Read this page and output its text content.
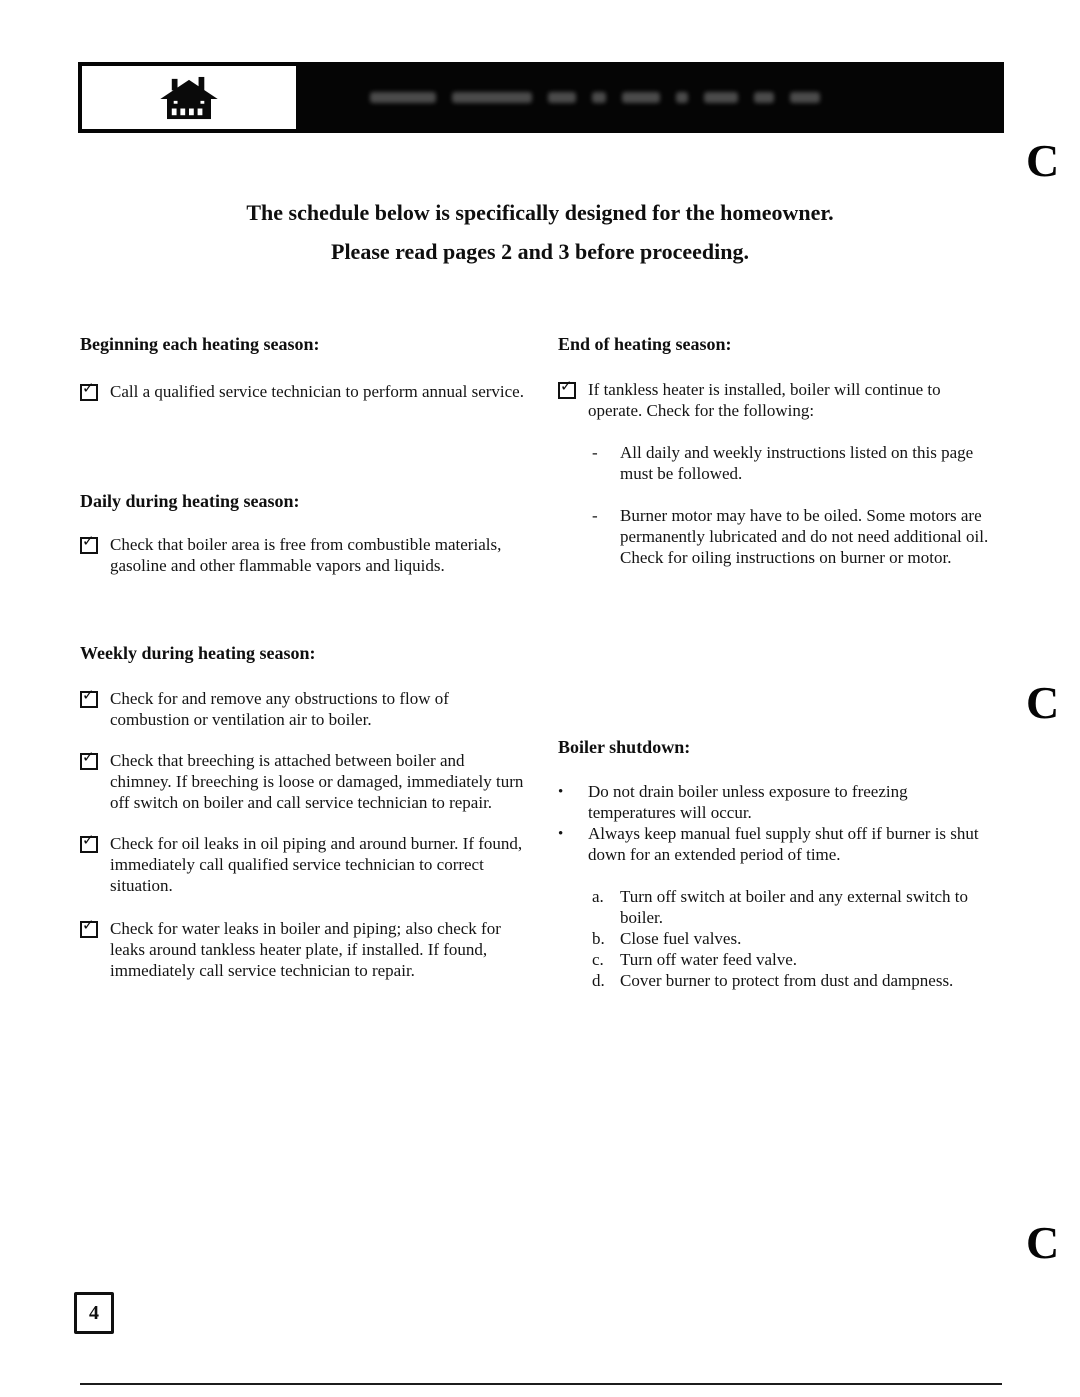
The schedule below is specifically designed for the homeowner.
Please read pages 2 and 3 before proceeding.
Beginning each heating season:
✓ Call a qualified service technician to perform annual service.
Daily during heating season:
✓ Check that boiler area is free from combustible materials, gasoline and other flammable vapors and liquids.
Weekly during heating season:
✓ Check for and remove any obstructions to flow of combustion or ventilation air to boiler.
✓ Check that breeching is attached between boiler and chimney. If breeching is loose or damaged, immediately turn off switch on boiler and call service technician to repair.
✓ Check for oil leaks in oil piping and around burner. If found, immediately call qualified service technician to correct situation.
✓ Check for water leaks in boiler and piping; also check for leaks around tankless heater plate, if installed. If found, immediately call service technician to repair.
End of heating season:
✓ If tankless heater is installed, boiler will continue to operate. Check for the following:
-	All daily and weekly instructions listed on this page must be followed.
-	Burner motor may have to be oiled. Some motors are permanently lubricated and do not need additional oil. Check for oiling instructions on burner or motor.
Boiler shutdown:
•	Do not drain boiler unless exposure to freezing temperatures will occur.
•	Always keep manual fuel supply shut off if burner is shut down for an extended period of time.
a. Turn off switch at boiler and any external switch to boiler.
b. Close fuel valves.
c. Turn off water feed valve.
d. Cover burner to protect from dust and dampness.
C
C
C
4
